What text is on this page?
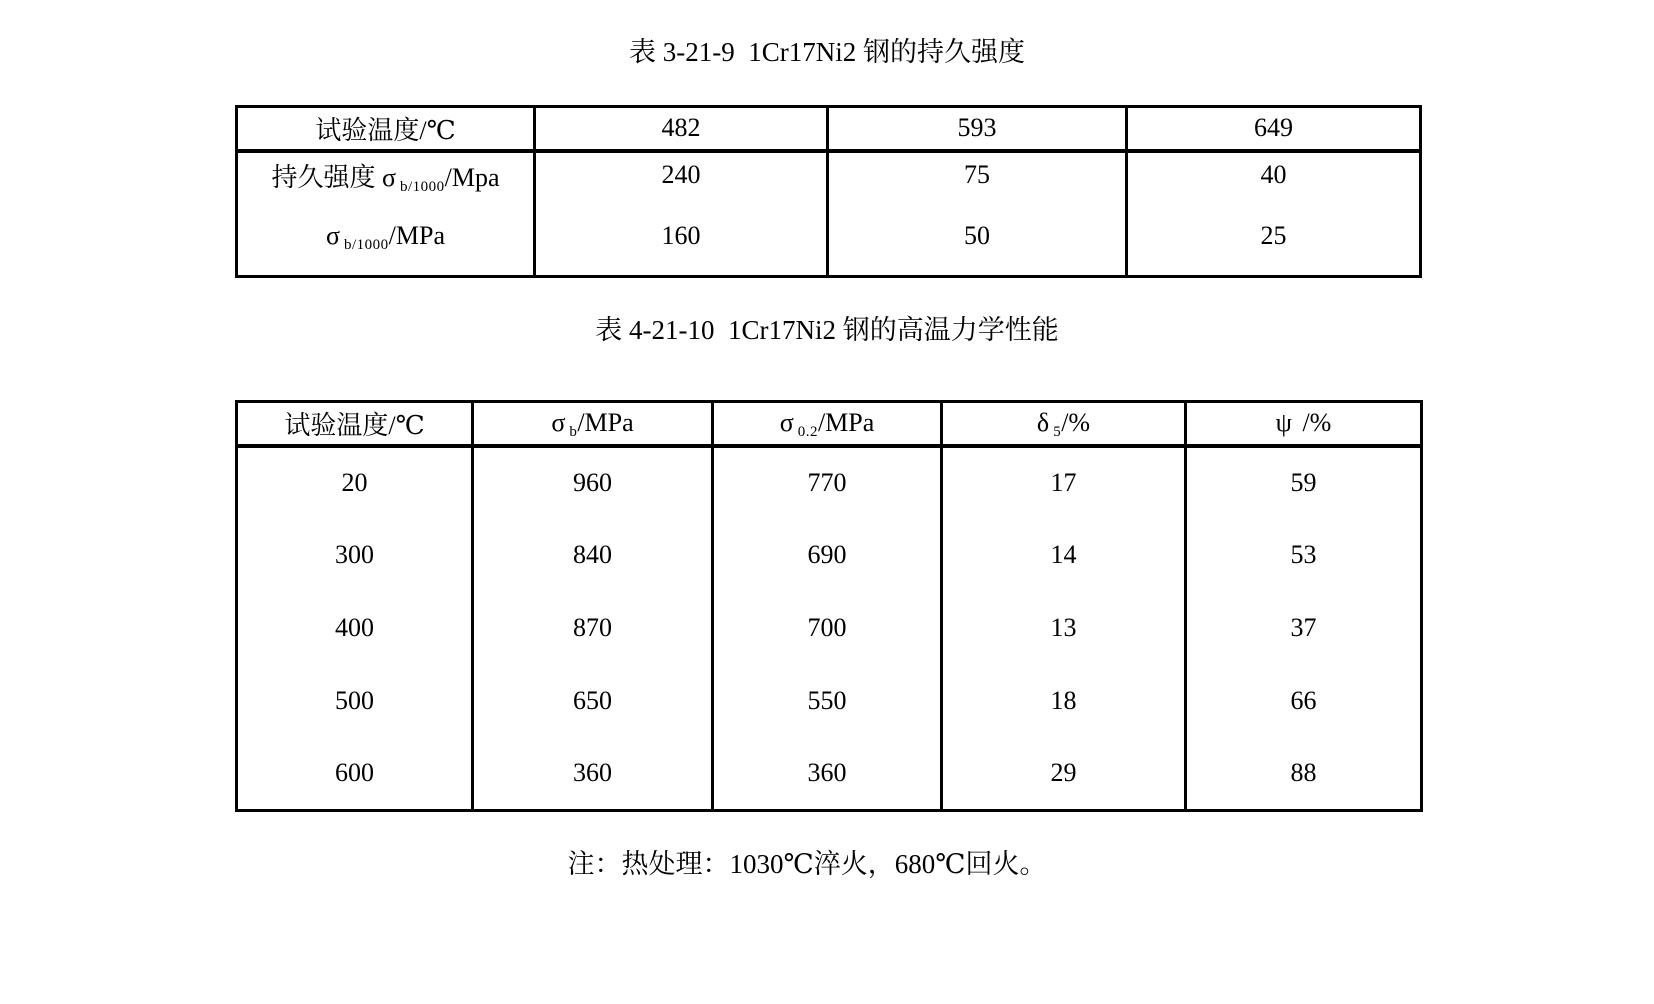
表 3-21-9  1Cr17Ni2 钢的持久强度
试验温度/℃	482	593	649
持久强度 σ b/1000/Mpa	240	75	40
σ b/1000/MPa	160	50	25
表 4-21-10  1Cr17Ni2 钢的高温力学性能
试验温度/℃	σ b/MPa	σ 0.2/MPa	δ 5/%	ψ /%
20	960	770	17	59
300	840	690	14	53
400	870	700	13	37
500	650	550	18	66
600	360	360	29	88
注：热处理：1030℃淬火，680℃回火。
